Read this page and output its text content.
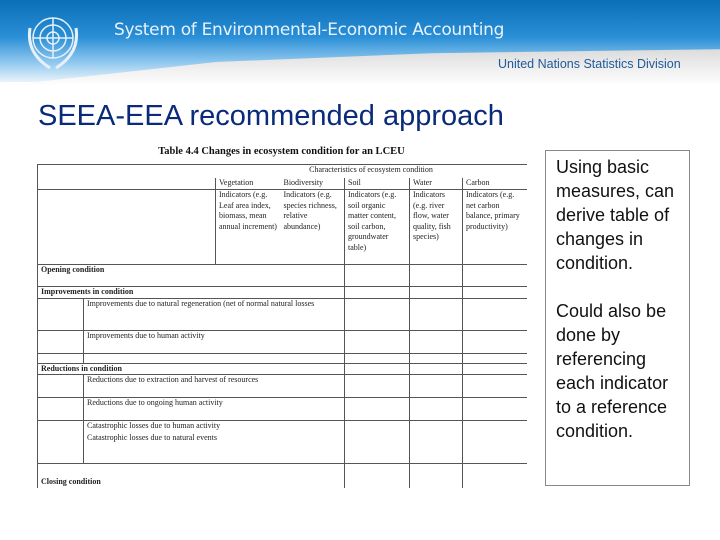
System of Environmental-Economic Accounting
United Nations Statistics Division
SEEA-EEA recommended approach
Table 4.4 Changes in ecosystem condition for an LCEU
		Characteristics of ecosystem condition				
		Vegetation	Biodiversity	Soil	Water	Carbon
		Indicators (e.g. Leaf area index, biomass, mean annual increment)	Indicators (e.g. species richness, relative abundance)	Indicators (e.g. soil organic matter content, soil carbon, groundwater table)	Indicators (e.g. river flow, water quality, fish species)	Indicators (e.g. net carbon balance, primary productivity)
Opening condition						
Improvements in condition						
	Improvements due to natural regeneration (net of normal natural losses					
	Improvements due to human activity					

Reductions in condition						
	Reductions due to extraction and harvest of resources					
	Reductions due to ongoing human activity					

	Catastrophic losses due to human activity
Catastrophic losses due to natural events					

Closing condition						

Using basic measures, can derive table of changes in condition.

Could also be done by referencing each indicator to a reference condition.
